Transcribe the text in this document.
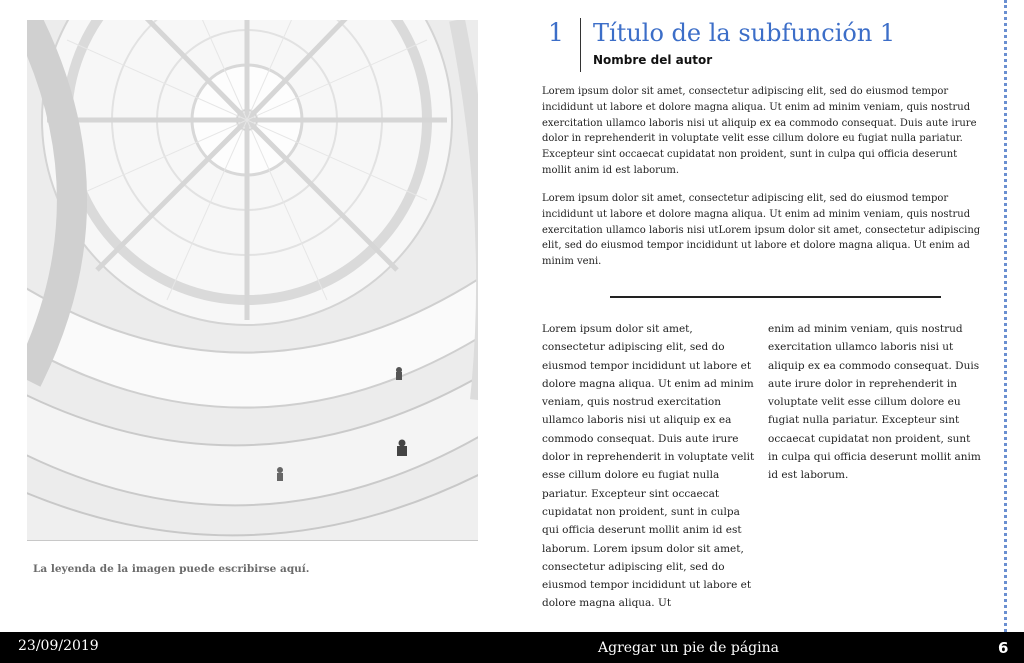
La leyenda de la imagen puede escribirse aquí.
1 Título de la subfunción 1
Nombre del autor

Lorem ipsum dolor sit amet, consectetur adipiscing elit, sed do eiusmod tempor incididunt ut labore et dolore magna aliqua. Ut enim ad minim veniam, quis nostrud exercitation ullamco laboris nisi ut aliquip ex ea commodo consequat. Duis aute irure dolor in reprehenderit in voluptate velit esse cillum dolore eu fugiat nulla pariatur. Excepteur sint occaecat cupidatat non proident, sunt in culpa qui officia deserunt mollit anim id est laborum.

Lorem ipsum dolor sit amet, consectetur adipiscing elit, sed do eiusmod tempor incididunt ut labore et dolore magna aliqua. Ut enim ad minim veniam, quis nostrud exercitation ullamco laboris nisi utLorem ipsum dolor sit amet, consectetur adipiscing elit, sed do eiusmod tempor incididunt ut labore et dolore magna aliqua. Ut enim ad minim veni.

Lorem ipsum dolor sit amet, consectetur adipiscing elit, sed do eiusmod tempor incididunt ut labore et dolore magna aliqua. Ut enim ad minim veniam, quis nostrud exercitation ullamco laboris nisi ut aliquip ex ea commodo consequat. Duis aute irure dolor in reprehenderit in voluptate velit esse cillum dolore eu fugiat nulla pariatur. Excepteur sint occaecat cupidatat non proident, sunt in culpa qui officia deserunt mollit anim id est laborum. Lorem ipsum dolor sit amet, consectetur adipiscing elit, sed do eiusmod tempor incididunt ut labore et dolore magna aliqua. Ut

enim ad minim veniam, quis nostrud exercitation ullamco laboris nisi ut aliquip ex ea commodo consequat. Duis aute irure dolor in reprehenderit in voluptate velit esse cillum dolore eu fugiat nulla pariatur. Excepteur sint occaecat cupidatat non proident, sunt in culpa qui officia deserunt mollit anim id est laborum.

23/09/2019	Agregar un pie de página	6
